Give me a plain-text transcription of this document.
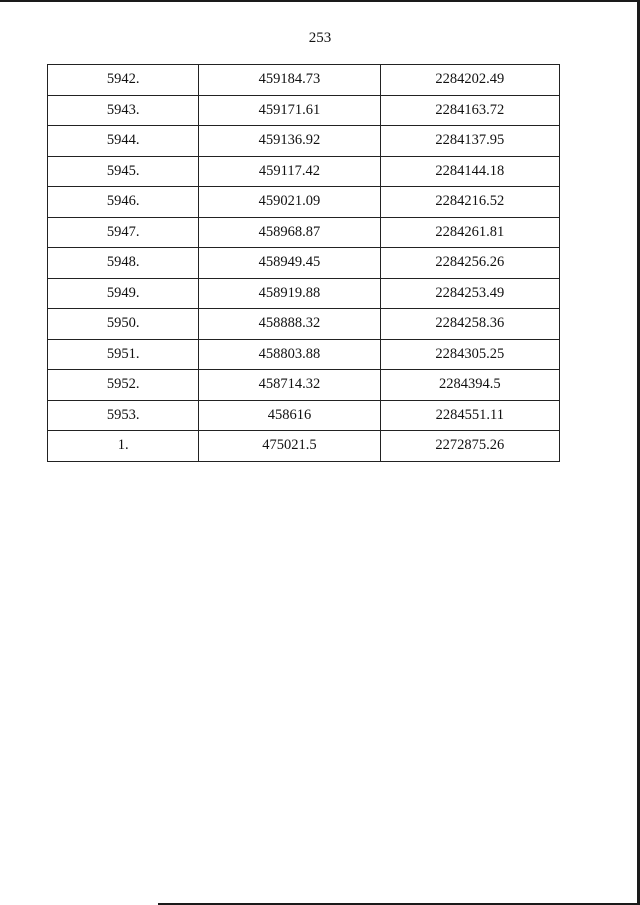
253
5942.	459184.73	2284202.49
5943.	459171.61	2284163.72
5944.	459136.92	2284137.95
5945.	459117.42	2284144.18
5946.	459021.09	2284216.52
5947.	458968.87	2284261.81
5948.	458949.45	2284256.26
5949.	458919.88	2284253.49
5950.	458888.32	2284258.36
5951.	458803.88	2284305.25
5952.	458714.32	2284394.5
5953.	458616	2284551.11
1.	475021.5	2272875.26
